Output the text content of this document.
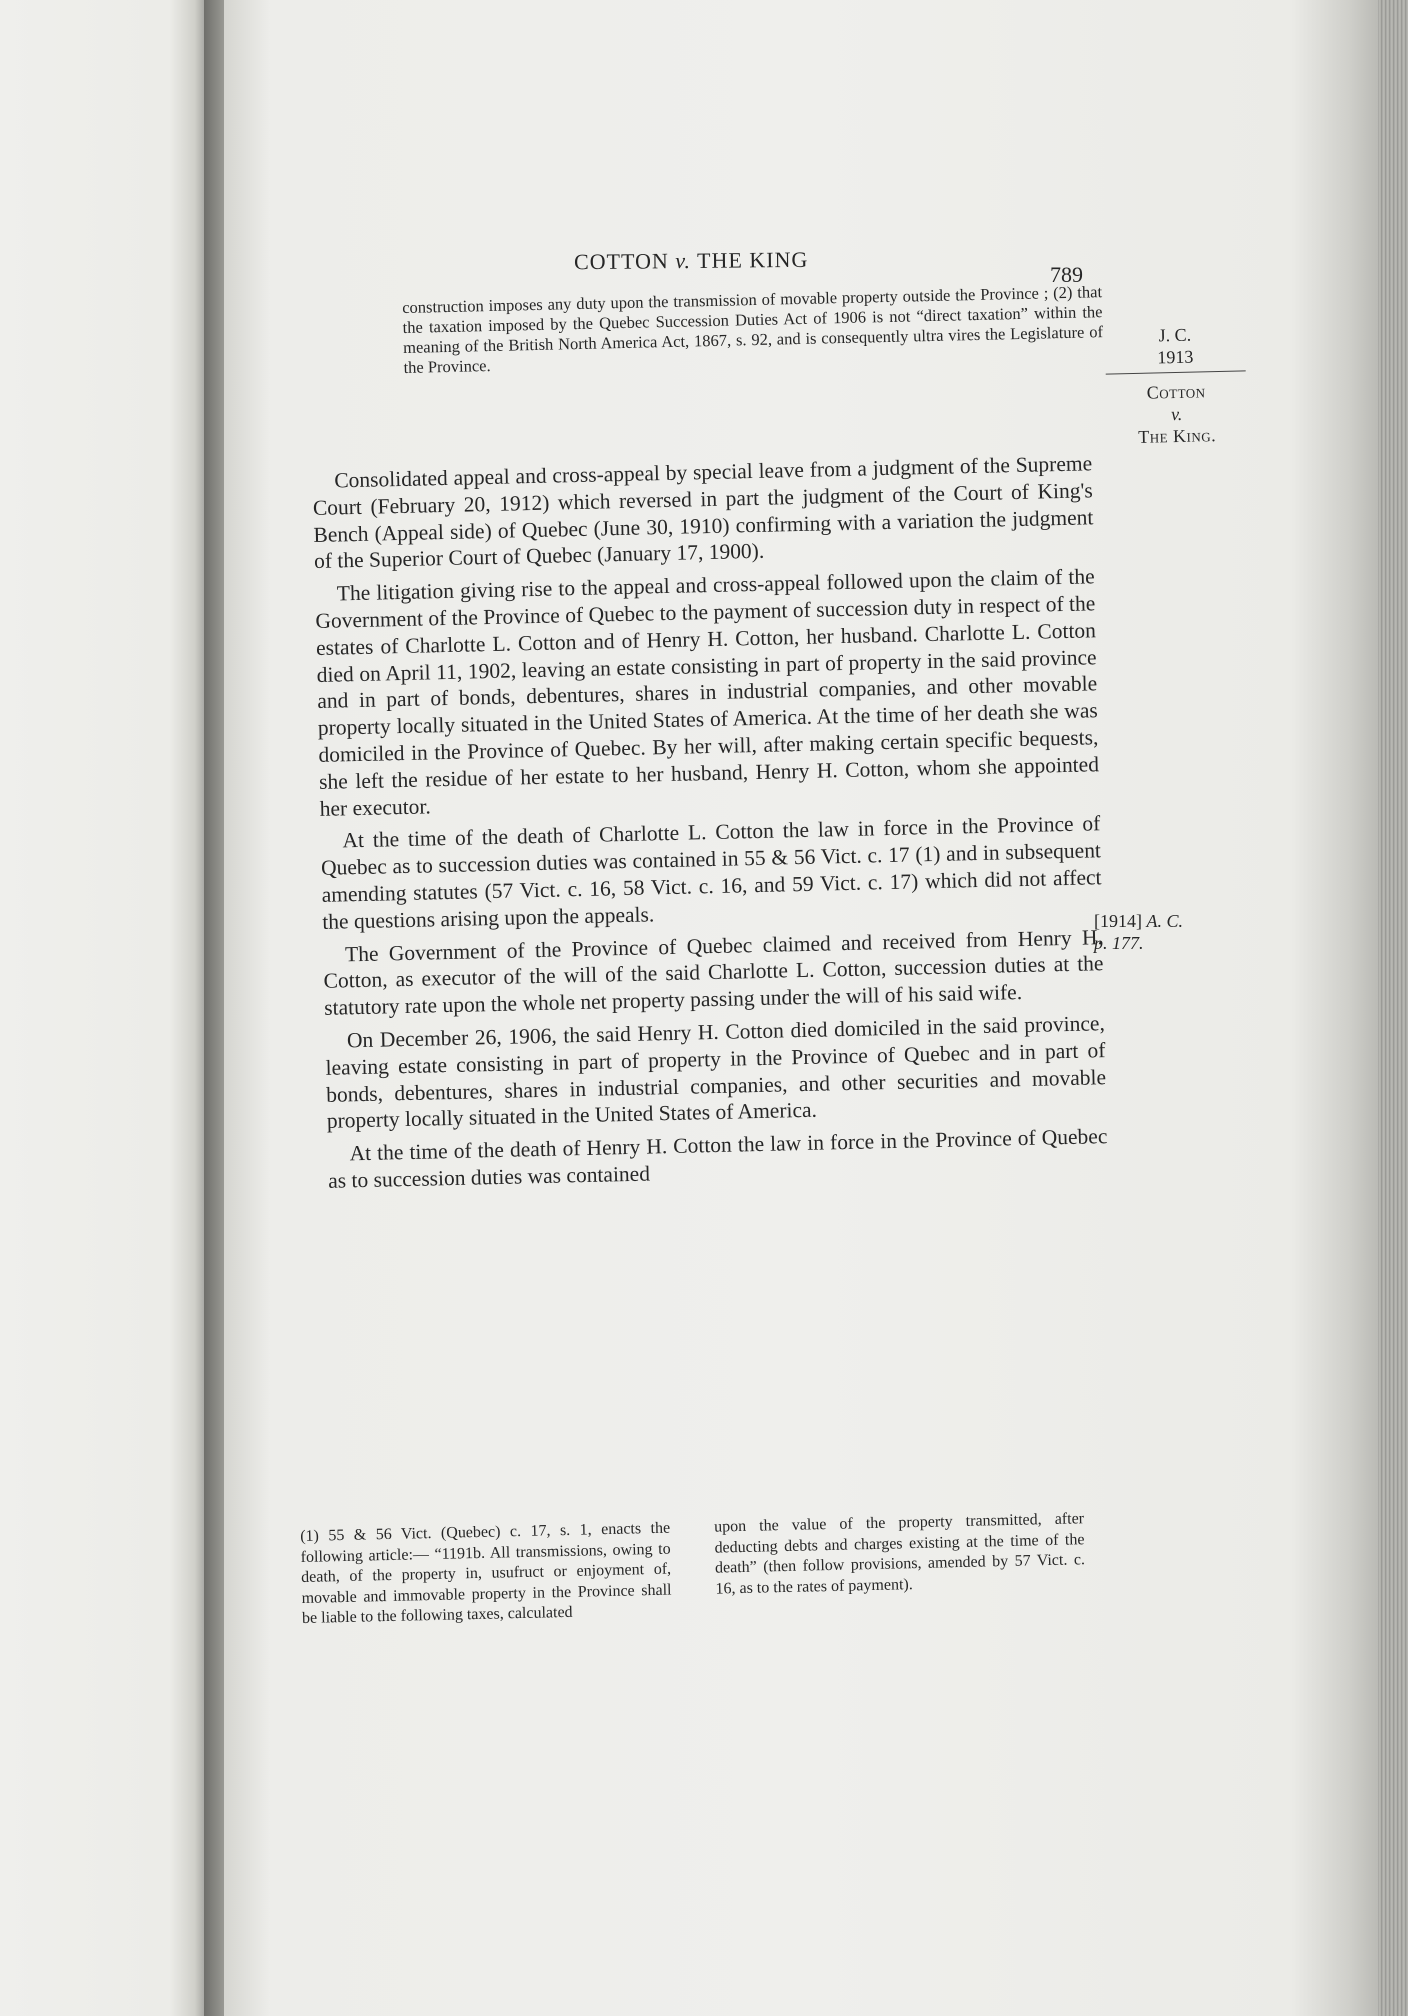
COTTON v. THE KING
789
construction imposes any duty upon the transmission of movable property outside the Province ; (2) that the taxation imposed by the Quebec Succession Duties Act of 1906 is not “direct taxation” within the meaning of the British North America Act, 1867, s. 92, and is consequently ultra vires the Legislature of the Province.
J. C.
1913
Cotton
v.
The King.
[1914] A. C.
p. 177.

Consolidated appeal and cross-appeal by special leave from a judgment of the Supreme Court (February 20, 1912) which reversed in part the judgment of the Court of King's Bench (Appeal side) of Quebec (June 30, 1910) confirming with a variation the judgment of the Superior Court of Quebec (January 17, 1900).

The litigation giving rise to the appeal and cross-appeal followed upon the claim of the Government of the Province of Quebec to the payment of succession duty in respect of the estates of Charlotte L. Cotton and of Henry H. Cotton, her husband. Charlotte L. Cotton died on April 11, 1902, leaving an estate consisting in part of property in the said province and in part of bonds, debentures, shares in industrial companies, and other movable property locally situated in the United States of America. At the time of her death she was domiciled in the Province of Quebec. By her will, after making certain specific bequests, she left the residue of her estate to her husband, Henry H. Cotton, whom she appointed her executor.

At the time of the death of Charlotte L. Cotton the law in force in the Province of Quebec as to succession duties was contained in 55 & 56 Vict. c. 17 (1) and in subsequent amending statutes (57 Vict. c. 16, 58 Vict. c. 16, and 59 Vict. c. 17) which did not affect the questions arising upon the appeals.

The Government of the Province of Quebec claimed and received from Henry H. Cotton, as executor of the will of the said Charlotte L. Cotton, succession duties at the statutory rate upon the whole net property passing under the will of his said wife.

On December 26, 1906, the said Henry H. Cotton died domiciled in the said province, leaving estate consisting in part of property in the Province of Quebec and in part of bonds, debentures, shares in industrial companies, and other securities and movable property locally situated in the United States of America.

At the time of the death of Henry H. Cotton the law in force in the Province of Quebec as to succession duties was contained

(1) 55 & 56 Vict. (Quebec) c. 17, s. 1, enacts the following article:— “1191b. All transmissions, owing to death, of the property in, usufruct or enjoyment of, movable and immovable property in the Province shall be liable to the following taxes, calculated
upon the value of the property transmitted, after deducting debts and charges existing at the time of the death” (then follow provisions, amended by 57 Vict. c. 16, as to the rates of payment).
